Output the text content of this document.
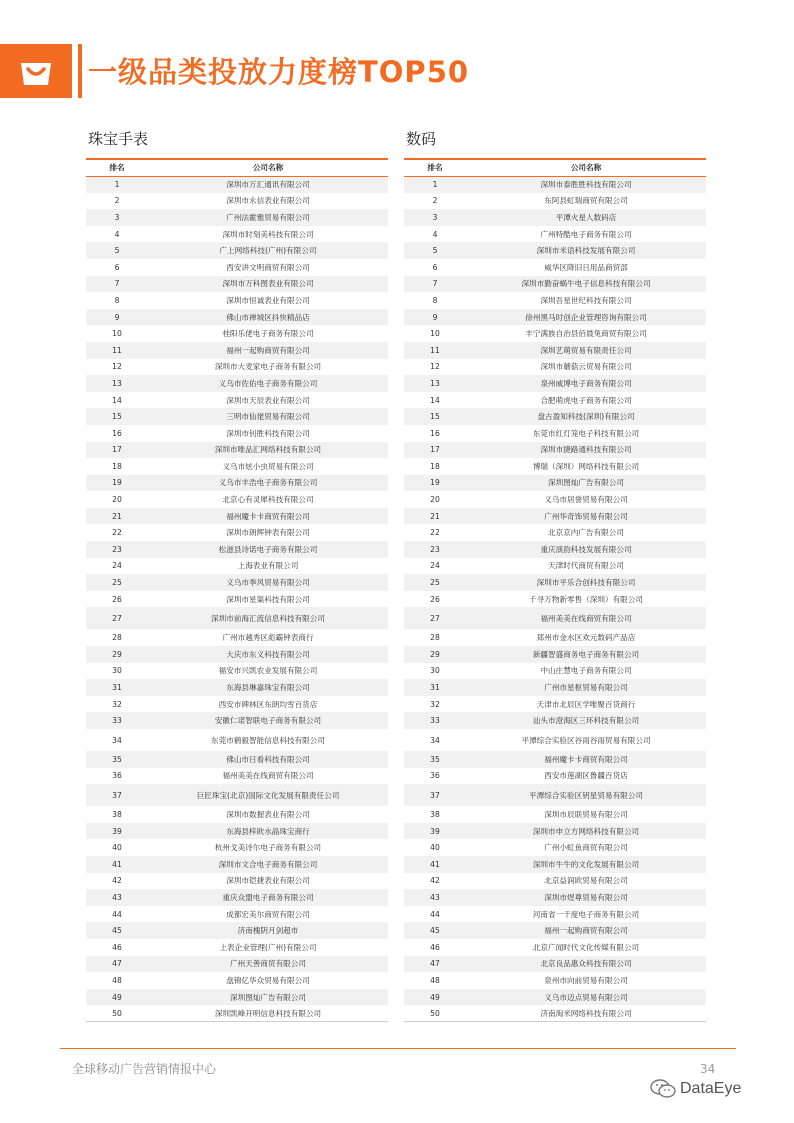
一级品类投放力度榜TOP50
珠宝手表	数码
排名	公司名称
1	深圳市万汇通讯有限公司
2	深圳市永信表业有限公司
3	广州法霍雅贸易有限公司
4	深圳市时刻美科技有限公司
5	广上网络科技(广州)有限公司
6	西安讲文明商贸有限公司
7	深圳市万科图表业有限公司
8	深圳市恒诚表业有限公司
9	佛山市禅城区抖快精品店
10	桂阳乐佬电子商务有限公司
11	福州一起购商贸有限公司
12	深圳市大麦家电子商务有限公司
13	义乌市佐佑电子商务有限公司
14	深圳市天辰表业有限公司
15	三明市仙佬贸易有限公司
16	深圳市钊胜科技有限公司
17	深圳市唯品汇网络科技有限公司
18	义乌市炫小虫贸易有限公司
19	义乌市丰浩电子商务有限公司
20	北京心有灵犀科技有限公司
21	福州魔卡卡商贸有限公司
22	深圳市朗辉钟表有限公司
23	松滋县诗诺电子商务有限公司
24	上海表业有限公司
25	义乌市季风贸易有限公司
26	深圳市星渠科技有限公司
27	深圳市前海汇流信息科技有限公司
28	广州市越秀区彪霸钟表商行
29	大庆市东义科技有限公司
30	福安市兴凯农业发展有限公司
31	东海县琳嘉珠宝有限公司
32	西安市碑林区东朗均雪百货店
33	安徽仁诺智联电子商务有限公司
34	东莞市鹤毅智能信息科技有限公司
35	佛山市日看科技有限公司
36	福州美美在线商贸有限公司
37	巨匠珠宝(北京)国际文化发展有限责任公司
38	深圳市数握表业有限公司
39	东海县梓欧水晶珠宝商行
40	杭州戈美诗尔电子商务有限公司
41	深圳市文合电子商务有限公司
42	深圳市铠捷表业有限公司
43	重庆众盟电子商务有限公司
44	成都宏美尔商贸有限公司
45	济南槐阴月剑超市
46	上表企业管理(广州)有限公司
47	广州天善商贸有限公司
48	盘锦亿华众贸易有限公司
49	深圳图灿广告有限公司
50	深圳凯峰开明信息科技有限公司
排名	公司名称
1	深圳市泰胜胜科技有限公司
2	东阿县虹瑞商贸有限公司
3	平潭火星人数码店
4	广州特酷电子商务有限公司
5	深圳市米语科技发展有限公司
6	威华区降旧日用品商贸部
7	深圳市勤奋蜗牛电子信息科技有限公司
8	深圳吾星世纪科技有限公司
9	徐州黑马时创企业管理咨询有限公司
10	丰宁满族自治县佰晨兔商贸有限公司
11	深圳艺萌贸易有限责任公司
12	深圳市蘑菇云贸易有限公司
13	泉州威博电子商务有限公司
14	合肥萌虎电子商务有限公司
15	盘古盈知科技(深圳)有限公司
16	东莞市红灯笼电子科技有限公司
17	深圳市捷路通科技有限公司
18	博瑞（深圳）网络科技有限公司
19	深圳图灿广告有限公司
20	义乌市居誉贸易有限公司
21	广州华奇饰贸易有限公司
22	北京京内广告有限公司
23	重庆演韵科技发展有限公司
24	天津时代商贸有限公司
25	深圳市平乐合创科技有限公司
26	千寻万物新零售（深圳）有限公司
27	福州美美在线商贸有限公司
28	郑州市金水区欢元数码产品店
29	新疆智盛商务电子商务有限公司
30	中山庄慧电子商务有限公司
31	广州市星枢贸易有限公司
32	天津市北辰区学唯聚百货商行
33	汕头市澄海区三环科技有限公司
34	平潭综合实验区谷雨谷雨贸易有限公司
35	福州魔卡卡商贸有限公司
36	西安市莲湖区鲁疆百货店
37	平潭综合实验区钥星贸易有限公司
38	深圳市辰联贸易有限公司
39	深圳市申立方网络科技有限公司
40	广州小虹鱼商贸有限公司
41	深圳市牛牛的文化发展有限公司
42	北京益润欧贸易有限公司
43	深圳市煜尊贸易有限公司
44	河南省一千度电子商务有限公司
45	福州一起购商贸有限公司
46	北京广闻时代文化传媒有限公司
47	北京良品惠众科技有限公司
48	泉州市向前贸易有限公司
49	义乌市迈点贸易有限公司
50	济南淘米网络科技有限公司
全球移动广告营销情报中心	34
DataEye
